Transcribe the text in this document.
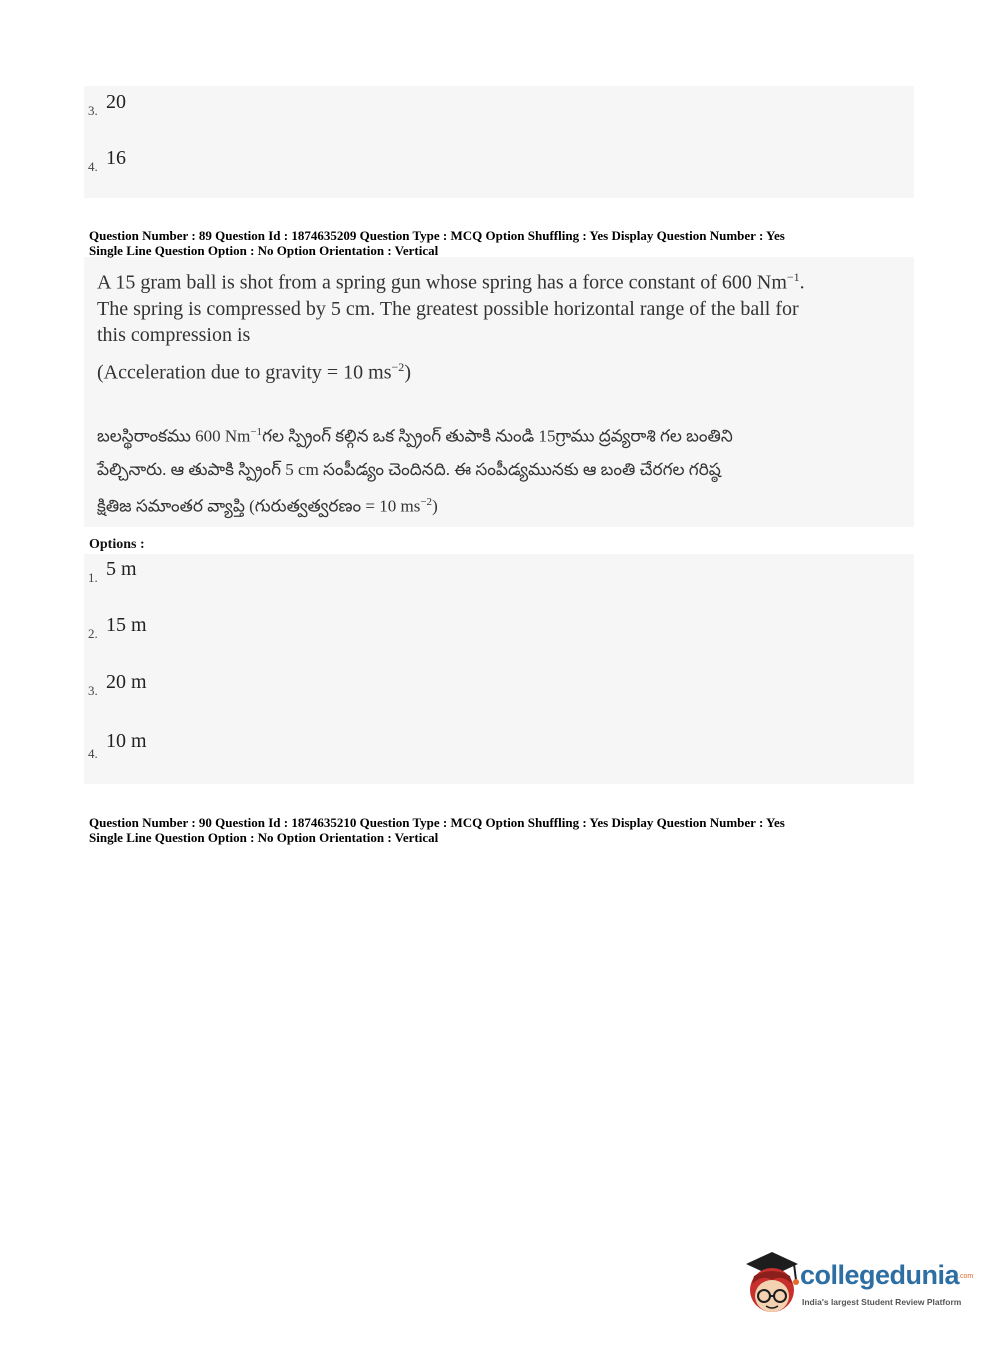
3. 20
4. 16
Question Number : 89 Question Id : 1874635209 Question Type : MCQ Option Shuffling : Yes Display Question Number : Yes
Single Line Question Option : No Option Orientation : Vertical
A 15 gram ball is shot from a spring gun whose spring has a force constant of 600 $Nm^{-1}$.
The spring is compressed by 5 cm. The greatest possible horizontal range of the ball for
this compression is
(Acceleration due to gravity = 10 $ms^{-2}$)
బలస్థిరాంకము 600 $Nm^{-1}గల$ స్ప్రింగ్ కల్గిన ఒక స్ప్రింగ్ తుపాకి నుండి 15గ్రాము ద్రవ్యరాశి గల బంతిని
పేల్చినారు. ఆ తుపాకి స్ప్రింగ్ 5 cm సంపీడ్యం చెందినది. ఈ సంపీడ్యమునకు ఆ బంతి చేరగల గరిష్ఠ
క్షితిజ సమాంతర వ్యాప్తి (గురుత్వత్వరణం = 10 $ms^{-2}$)
Options :
1. 5 m
2. 15 m
3. 20 m
4.
10 m
Question Number : 90 Question Id : 1874635210 Question Type : MCQ Option Shuffling : Yes Display Question Number : Yes
Single Line Question Option : No Option Orientation : Vertical
collegedunia
.com
India's largest Student Review Platform
